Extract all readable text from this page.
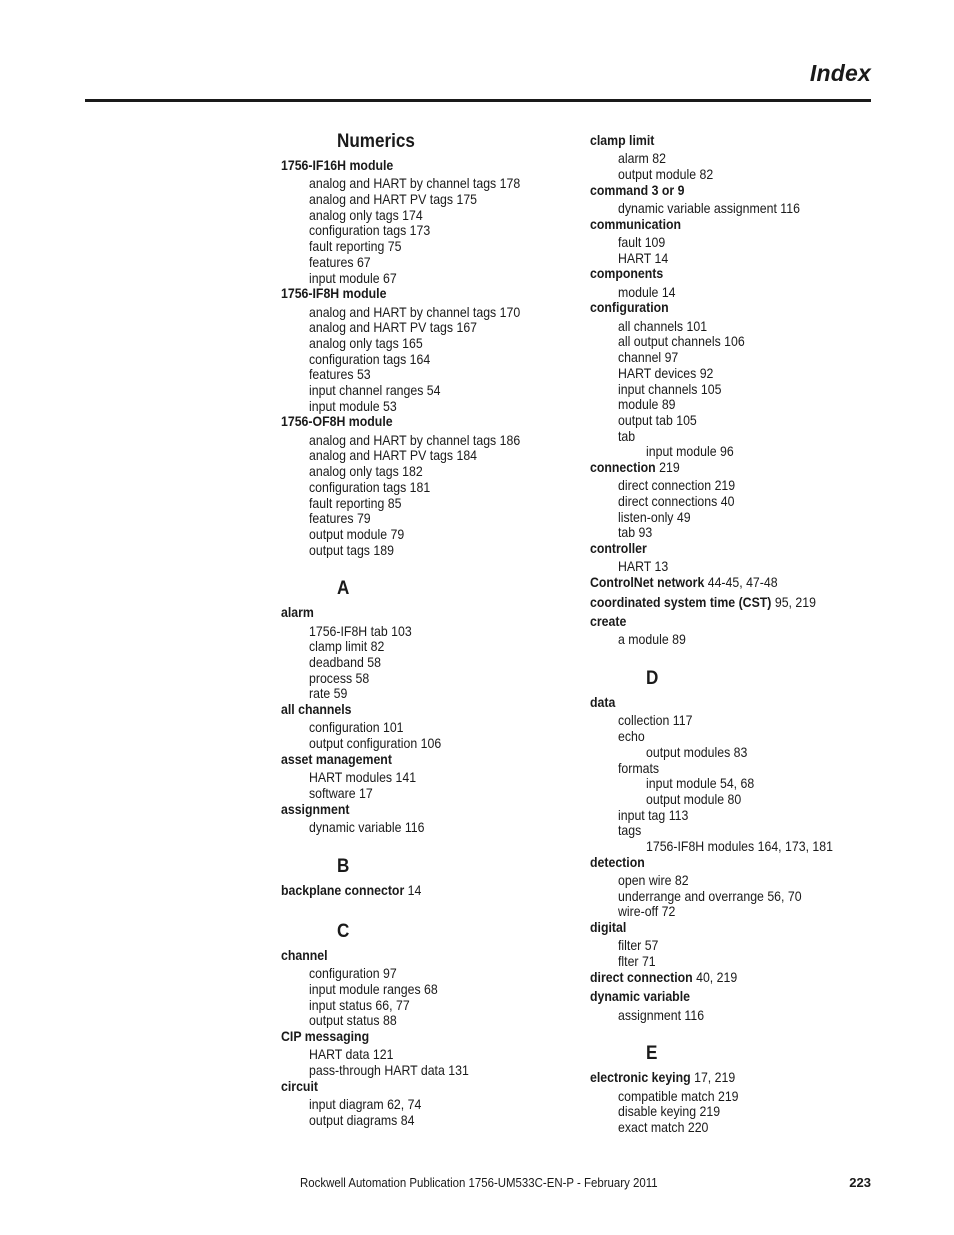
Index
Numerics
1756-IF16H module
analog and HART by channel tags 178
analog and HART PV tags 175
analog only tags 174
configuration tags 173
fault reporting 75
features 67
input module 67
1756-IF8H module
analog and HART by channel tags 170
analog and HART PV tags 167
analog only tags 165
configuration tags 164
features 53
input channel ranges 54
input module 53
1756-OF8H module
analog and HART by channel tags 186
analog and HART PV tags 184
analog only tags 182
configuration tags 181
fault reporting 85
features 79
output module 79
output tags 189
A
alarm
1756-IF8H tab 103
clamp limit 82
deadband 58
process 58
rate 59
all channels
configuration 101
output configuration 106
asset management
HART modules 141
software 17
assignment
dynamic variable 116
B
backplane connector 14
C
channel
configuration 97
input module ranges 68
input status 66, 77
output status 88
CIP messaging
HART data 121
pass-through HART data 131
circuit
input diagram 62, 74
output diagrams 84
clamp limit
alarm 82
output module 82
command 3 or 9
dynamic variable assignment 116
communication
fault 109
HART 14
components
module 14
configuration
all channels 101
all output channels 106
channel 97
HART devices 92
input channels 105
module 89
output tab 105
tab
input module 96
connection 219
direct connection 219
direct connections 40
listen-only 49
tab 93
controller
HART 13
ControlNet network 44-45, 47-48
coordinated system time (CST) 95, 219
create
a module 89
D
data
collection 117
echo
output modules 83
formats
input module 54, 68
output module 80
input tag 113
tags
1756-IF8H modules 164, 173, 181
detection
open wire 82
underrange and overrange 56, 70
wire-off 72
digital
filter 57
flter 71
direct connection 40, 219
dynamic variable
assignment 116
E
electronic keying 17, 219
compatible match 219
disable keying 219
exact match 220
Rockwell Automation Publication 1756-UM533C-EN-P - February 2011	223
